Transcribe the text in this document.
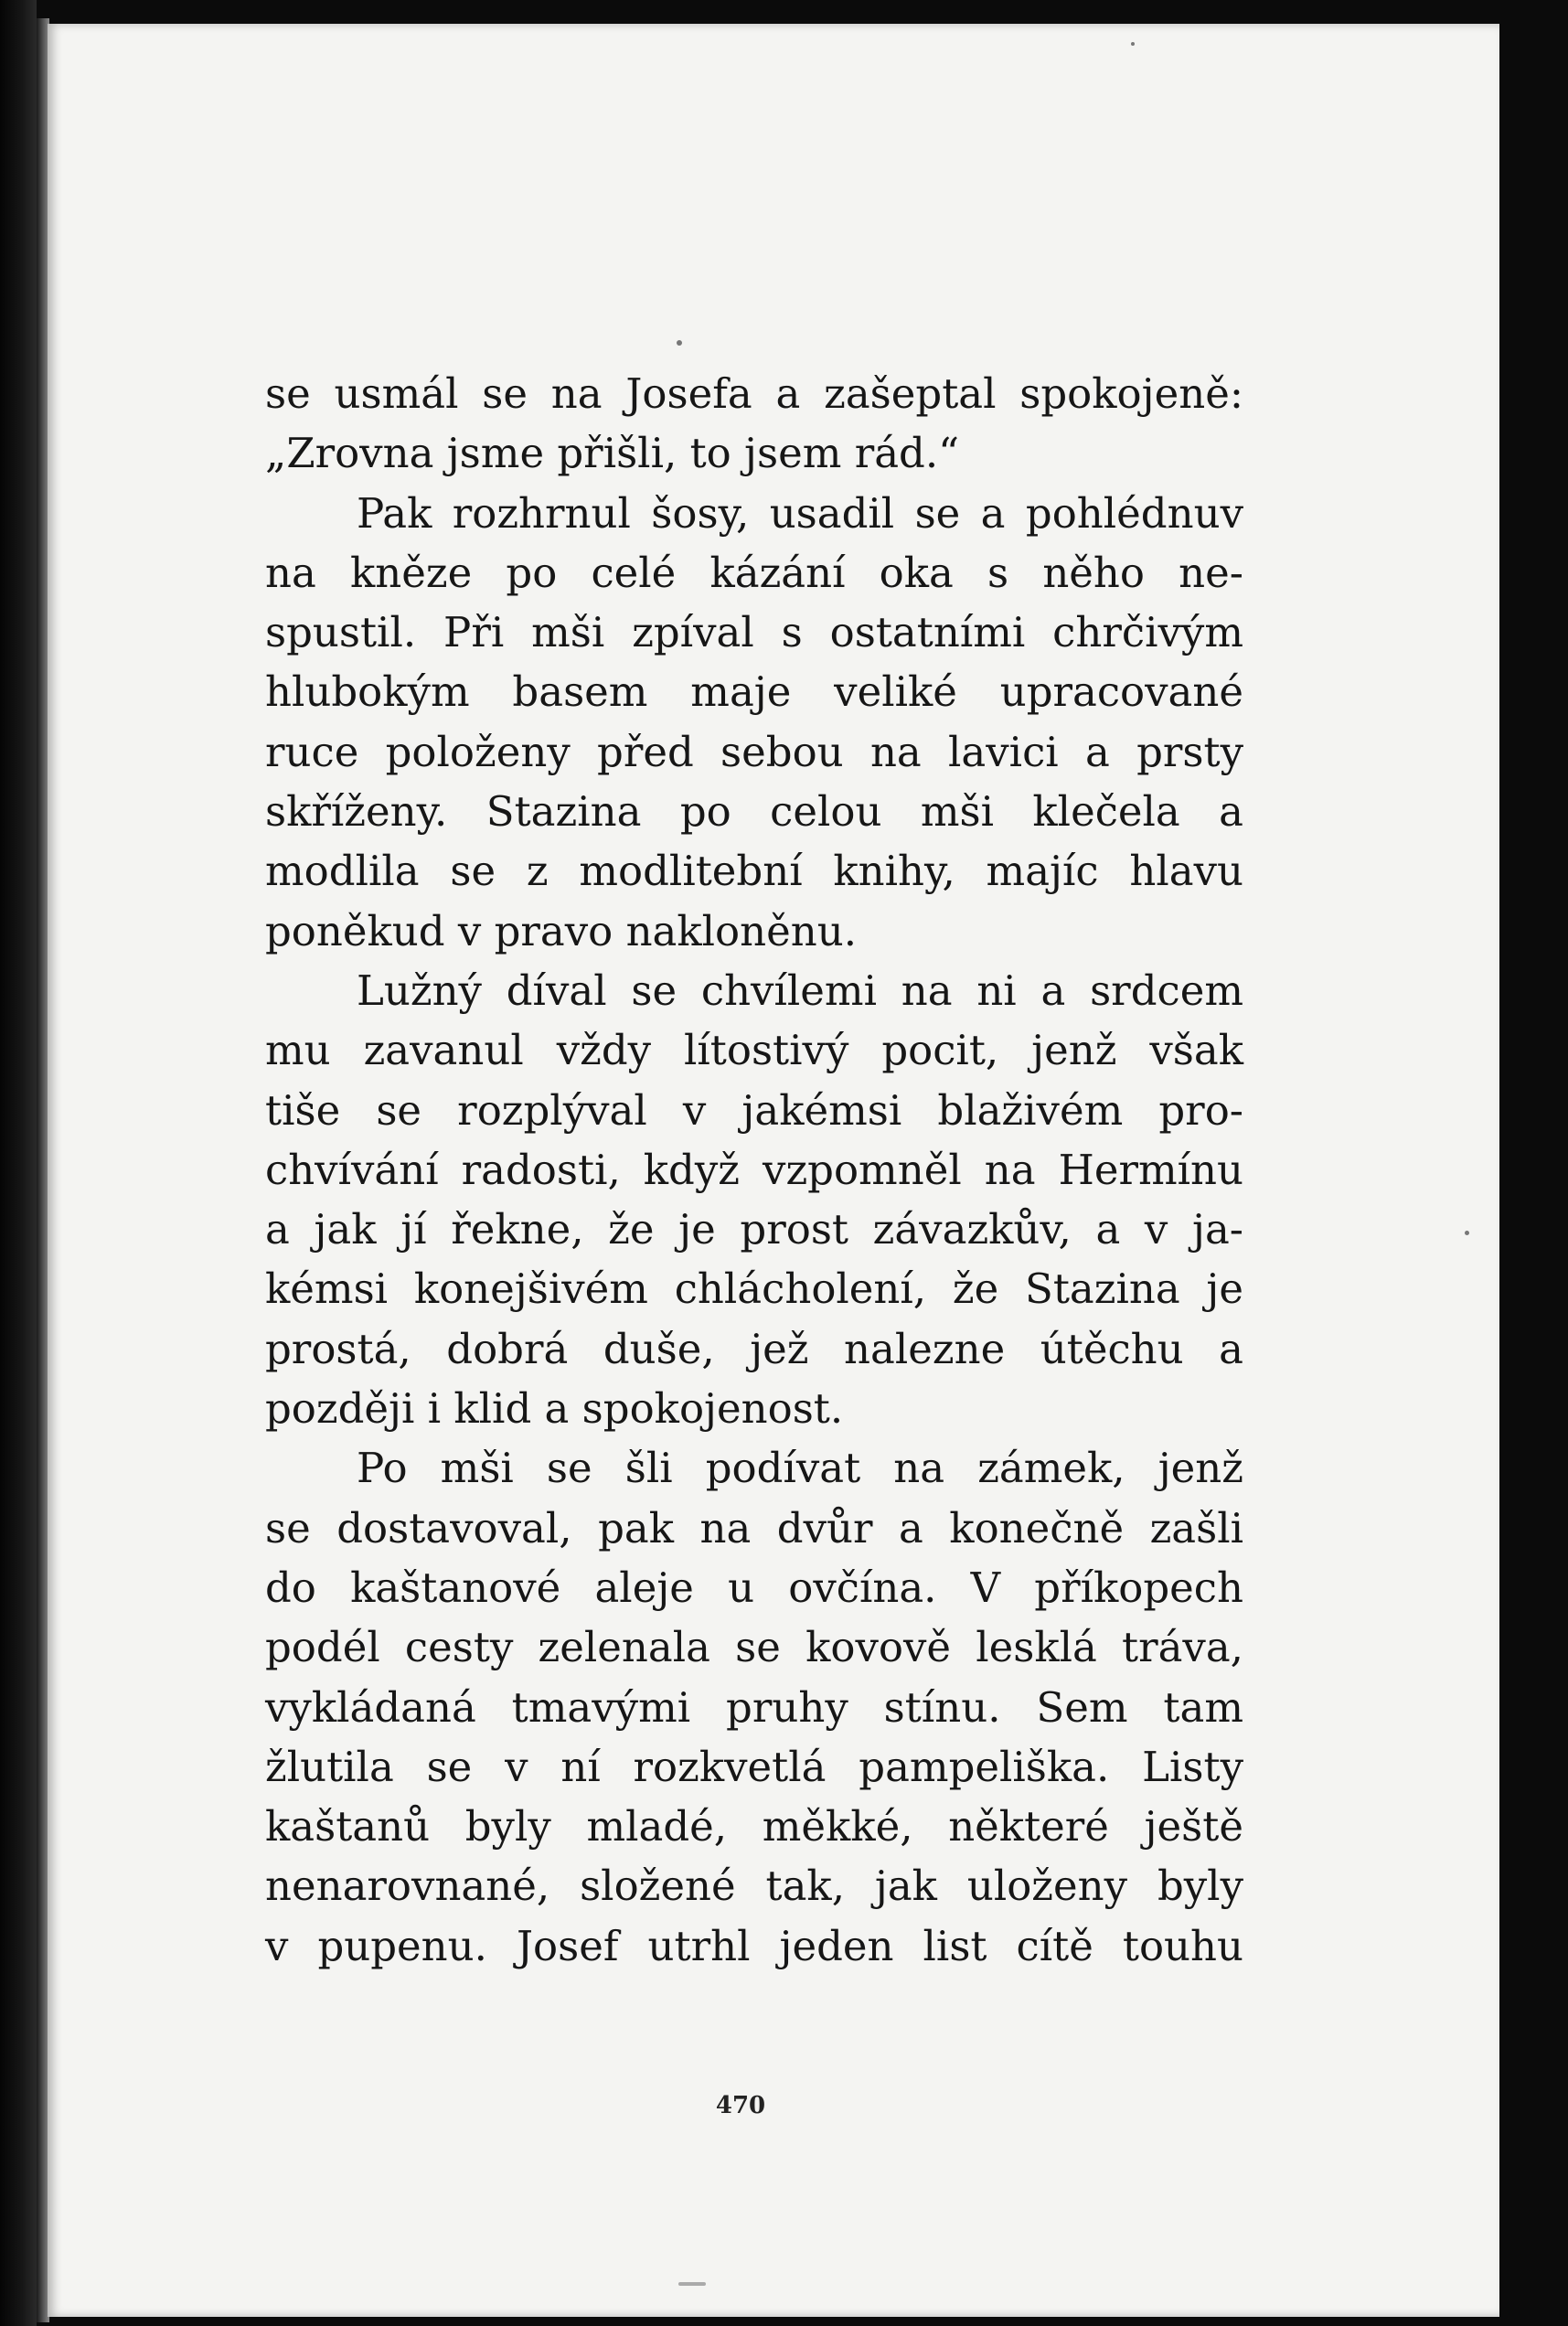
se usmál se na Josefa a zašeptal spokojeně:
„Zrovna jsme přišli, to jsem rád.“
Pak rozhrnul šosy, usadil se a pohlédnuv
na kněze po celé kázání oka s něho ne-
spustil. Při mši zpíval s ostatními chrčivým
hlubokým basem maje veliké upracované
ruce položeny před sebou na lavici a prsty
skříženy. Stazina po celou mši klečela a
modlila se z modlitební knihy, majíc hlavu
poněkud v pravo nakloněnu.
Lužný díval se chvílemi na ni a srdcem
mu zavanul vždy lítostivý pocit, jenž však
tiše se rozplýval v jakémsi blaživém pro-
chvívání radosti, když vzpomněl na Hermínu
a jak jí řekne, že je prost závazkův, a v ja-
kémsi konejšivém chlácholení, že Stazina je
prostá, dobrá duše, jež nalezne útěchu a
později i klid a spokojenost.
Po mši se šli podívat na zámek, jenž
se dostavoval, pak na dvůr a konečně zašli
do kaštanové aleje u ovčína. V příkopech
podél cesty zelenala se kovově lesklá tráva,
vykládaná tmavými pruhy stínu. Sem tam
žlutila se v ní rozkvetlá pampeliška. Listy
kaštanů byly mladé, měkké, některé ještě
nenarovnané, složené tak, jak uloženy byly
v pupenu. Josef utrhl jeden list cítě touhu
470
